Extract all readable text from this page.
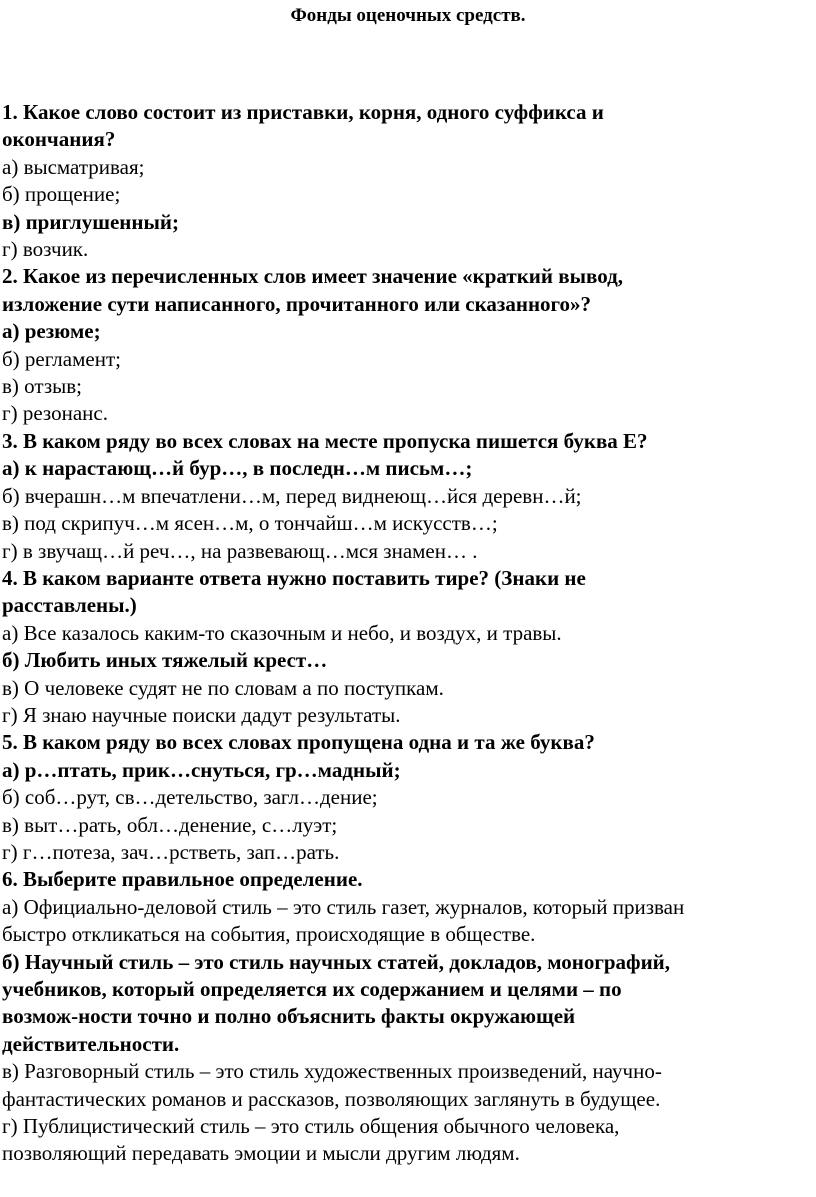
Фонды оценочных средств.
1. Какое слово состоит из приставки, корня, одного суффикса и
окончания?
а) высматривая;
б) прощение;
в) приглушенный;
г) возчик.
2. Какое из перечисленных слов имеет значение «краткий вывод,
изложение сути написанного, прочитанного или сказанного»?
а) резюме;
б) регламент;
в) отзыв;
г) резонанс.
3. В каком ряду во всех словах на месте пропуска пишется буква Е?
а) к нарастающ…й бур…, в последн…м письм…;
б) вчерашн…м впечатлени…м, перед виднеющ…йся деревн…й;
в) под скрипуч…м ясен…м, о тончайш…м искусств…;
г) в звучащ…й реч…, на развевающ…мся знамен… .
4. В каком варианте ответа нужно поставить тире? (Знаки не
расставлены.)
а) Все казалось каким-то сказочным и небо, и воздух, и травы.
б) Любить иных тяжелый крест…
в) О человеке судят не по словам а по поступкам.
г) Я знаю научные поиски дадут результаты.
5. В каком ряду во всех словах пропущена одна и та же буква?
а) р…птать, прик…снуться, гр…мадный;
б) соб…рут, св…детельство, загл…дение;
в) выт…рать, обл…денение, с…луэт;
г) г…потеза, зач…рстветь, зап…рать.
6. Выберите правильное определение.
а) Официально-деловой стиль – это стиль газет, журналов, который призван
быстро откликаться на события, происходящие в обществе.
б) Научный стиль – это стиль научных статей, докладов, монографий,
учебников, который определяется их содержанием и целями – по
возмож-ности точно и полно объяснить факты окружающей
действительности.
в) Разговорный стиль – это стиль художественных произведений, научно-
фантастических романов и рассказов, позволяющих заглянуть в будущее.
г) Публицистический стиль – это стиль общения обычного человека,
позволяющий передавать эмоции и мысли другим людям.
